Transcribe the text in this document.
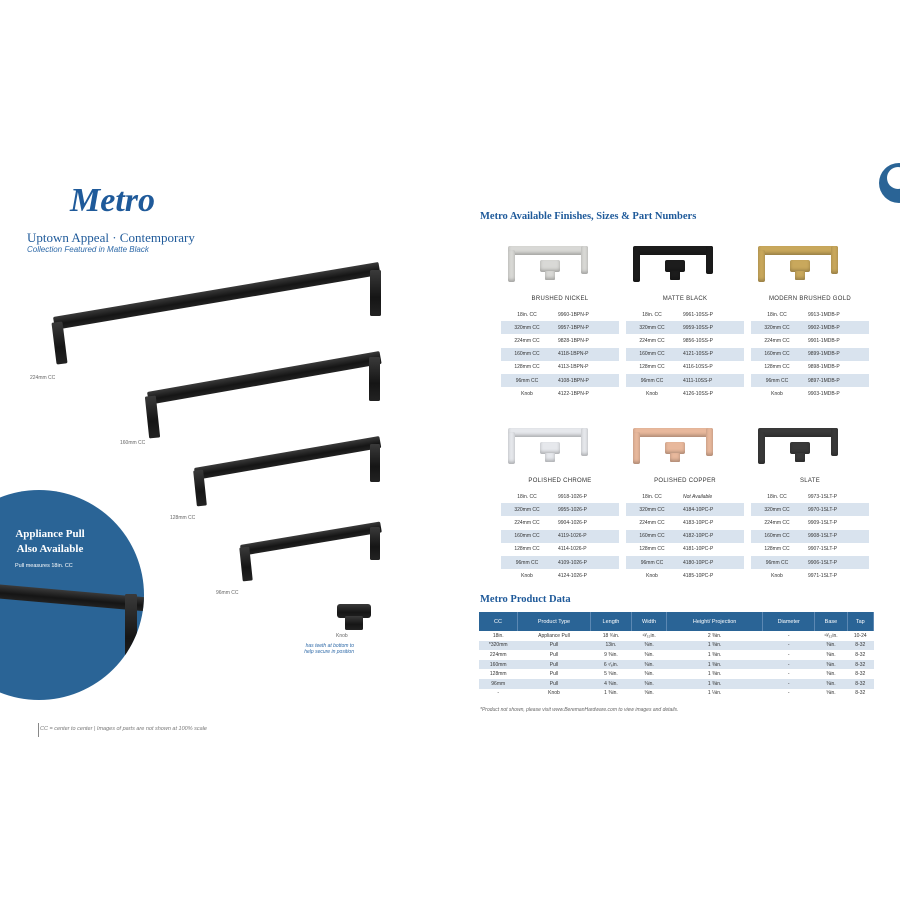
Metro
Uptown Appeal · Contemporary
Collection Featured in Matte Black
224mm CC
160mm CC
128mm CC
96mm CC
Knob
has teeth at bottom to help secure in position
Appliance Pull
Also Available
Pull measures 18in. CC
CC = center to center | Images of parts are not shown at 100% scale
Metro Available Finishes, Sizes & Part Numbers
BRUSHED NICKEL
18in. CC	9960-1BPN-P
320mm CC	9957-1BPN-P
224mm CC	9828-1BPN-P
160mm CC	4118-1BPN-P
128mm CC	4113-1BPN-P
96mm CC	4108-1BPN-P
Knob	4122-1BPN-P
MATTE BLACK
18in. CC	9961-10SS-P
320mm CC	9959-10SS-P
224mm CC	9856-10SS-P
160mm CC	4121-10SS-P
128mm CC	4116-10SS-P
96mm CC	4111-10SS-P
Knob	4126-10SS-P
MODERN BRUSHED GOLD
18in. CC	9913-1MDB-P
320mm CC	9902-1MDB-P
224mm CC	9901-1MDB-P
160mm CC	9899-1MDB-P
128mm CC	9898-1MDB-P
96mm CC	9897-1MDB-P
Knob	9903-1MDB-P
POLISHED CHROME
18in. CC	9918-1026-P
320mm CC	9955-1026-P
224mm CC	9904-1026-P
160mm CC	4119-1026-P
128mm CC	4114-1026-P
96mm CC	4109-1026-P
Knob	4124-1026-P
POLISHED COPPER
18in. CC	Not Available
320mm CC	4184-10PC-P
224mm CC	4183-10PC-P
160mm CC	4182-10PC-P
128mm CC	4181-10PC-P
96mm CC	4180-10PC-P
Knob	4185-10PC-P
SLATE
18in. CC	9973-1SLT-P
320mm CC	9970-1SLT-P
224mm CC	9909-1SLT-P
160mm CC	9908-1SLT-P
128mm CC	9907-1SLT-P
96mm CC	9906-1SLT-P
Knob	9971-1SLT-P
Metro Product Data
CC	Product Type	Length	Width	Height/ Projection	Diameter	Base	Tap
18in.	Appliance Pull	18 ¾in.	¹³⁄₃₂in.	2 ⅜in.	-	¹³⁄₃₂in.	10-24
*320mm	Pull	13in.	⅜in.	1 ⅜in.	-	⅜in.	8-32
224mm	Pull	9 ⅜in.	⅜in.	1 ⅜in.	-	⅜in.	8-32
160mm	Pull	6 ⁷⁄₈in.	⅜in.	1 ⅜in.	-	⅜in.	8-32
128mm	Pull	5 ⅝in.	⅜in.	1 ⅜in.	-	⅜in.	8-32
96mm	Pull	4 ⅜in.	⅜in.	1 ⅜in.	-	⅜in.	8-32
-	Knob	1 ⅜in.	⅝in.	1 ⅛in.	-	⅝in.	8-32
*Product not shown, please visit www.BeremanHardware.com to view images and details.
